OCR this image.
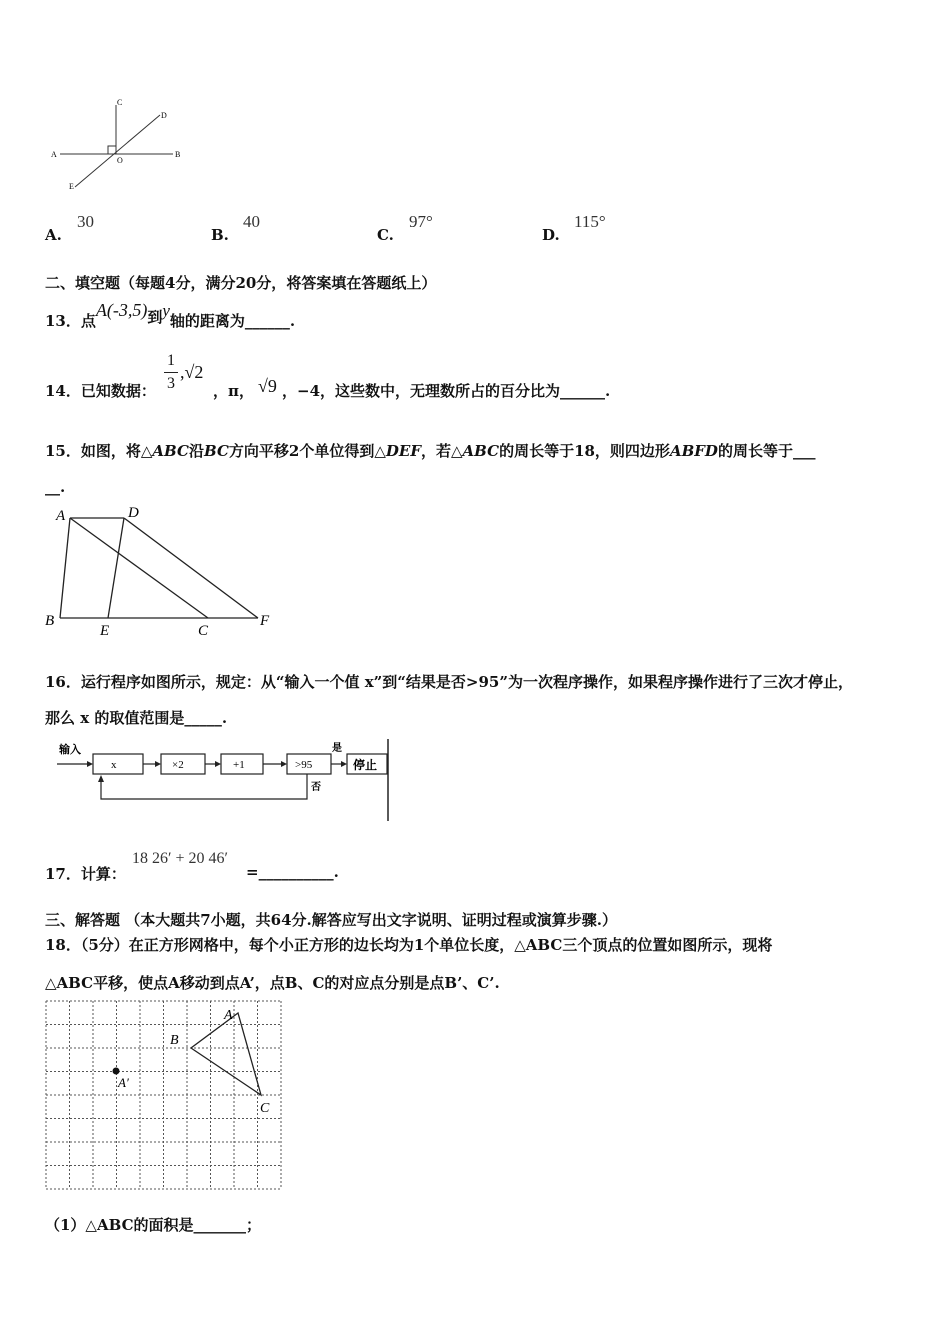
C
D
A	B
O
E
A.
30
B.
40
C.
97°
D.
115°
二、填空题（每题4分，满分20分，将答案填在答题纸上）
13．点A(-3,5)到y轴的距离为______.
14．已知数据：
1
3
,√2
，π， √9 ，−4，这些数中，无理数所占的百分比为______.
15．如图，将△ABC沿BC方向平移2个单位得到△DEF，若△ABC的周长等于18，则四边形ABFD的周长等于___
__.
A	D
B
E	C
F
16．运行程序如图所示，规定：从“输入一个值 x”到“结果是否>95”为一次程序操作，如果程序操作进行了三次才停止，
那么 x 的取值范围是_____.
输入
x	×2	+1	>95
是
停止
否
17．计算：
18 26′ + 20 46′
=__________.
三、解答题 （本大题共7小题，共64分.解答应写出文字说明、证明过程或演算步骤.）
18．（5分）在正方形网格中，每个小正方形的边长均为1个单位长度，△ABC三个顶点的位置如图所示，现将
△ABC平移，使点A移动到点A’，点B、C的对应点分别是点B’、C’.
A
B
C
A′
（1）△ABC的面积是_______；
